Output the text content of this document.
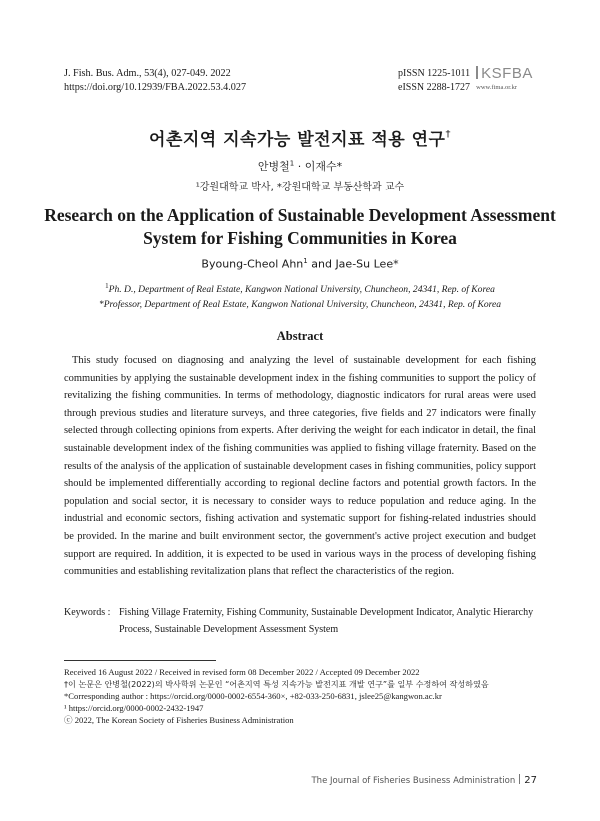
J. Fish. Bus. Adm., 53(4), 027-049. 2022
https://doi.org/10.12939/FBA.2022.53.4.027
pISSN 1225-1011
eISSN 2288-1727
KSFBA
www.fima.or.kr
어촌지역 지속가능 발전지표 적용 연구†
안병철$^1$ · 이재수*
¹강원대학교 박사, *강원대학교 부동산학과 교수
Research on the Application of Sustainable Development Assessment
System for Fishing Communities in Korea
Byoung-Cheol Ahn$^1$ and Jae-Su Lee*
$^1$Ph. D., Department of Real Estate, Kangwon National University, Chuncheon, 24341, Rep. of Korea
*Professor, Department of Real Estate, Kangwon National University, Chuncheon, 24341, Rep. of Korea
Abstract

This study focused on diagnosing and analyzing the level of sustainable development for each fishing communities by applying the sustainable development index in the fishing communities to support the policy of revitalizing the fishing communities. In terms of methodology, diagnostic indicators for rural areas were used through previous studies and literature surveys, and three categories, five fields and 27 indicators were finally selected through collecting opinions from experts. After deriving the weight for each indicator in detail, the final sustainable development index of the fishing communities was applied to fishing village fraternity. Based on the results of the analysis of the application of sustainable development cases in fishing communities, policy support should be implemented differentially according to regional decline factors and potential growth factors. In the population and social sector, it is necessary to consider ways to reduce population and reduce aging. In the industrial and economic sectors, fishing activation and systematic support for fishing-related industries should be provided. In the marine and built environment sector, the government's active project execution and budget support are required. In addition, it is expected to be used in various ways in the process of developing fishing communities and establishing revitalization plans that reflect the characteristics of the region.

Keywords : Fishing Village Fraternity, Fishing Community, Sustainable Development Indicator, Analytic Hierarchy Process, Sustainable Development Assessment System
Received 16 August 2022 / Received in revised form 08 December 2022 / Accepted 09 December 2022
†이 논문은 안병철(2022)의 박사학위 논문인 “어촌지역 특성 지속가능 발전지표 개발 연구”를 일부 수정하여 작성하였음
*Corresponding author : https://orcid.org/0000-0002-6554-360×, +82-033-250-6831, jslee25@kangwon.ac.kr
¹ https://orcid.org/0000-0002-2432-1947
ⓒ 2022, The Korean Society of Fisheries Business Administration
The Journal of Fisheries Business Administration 27
